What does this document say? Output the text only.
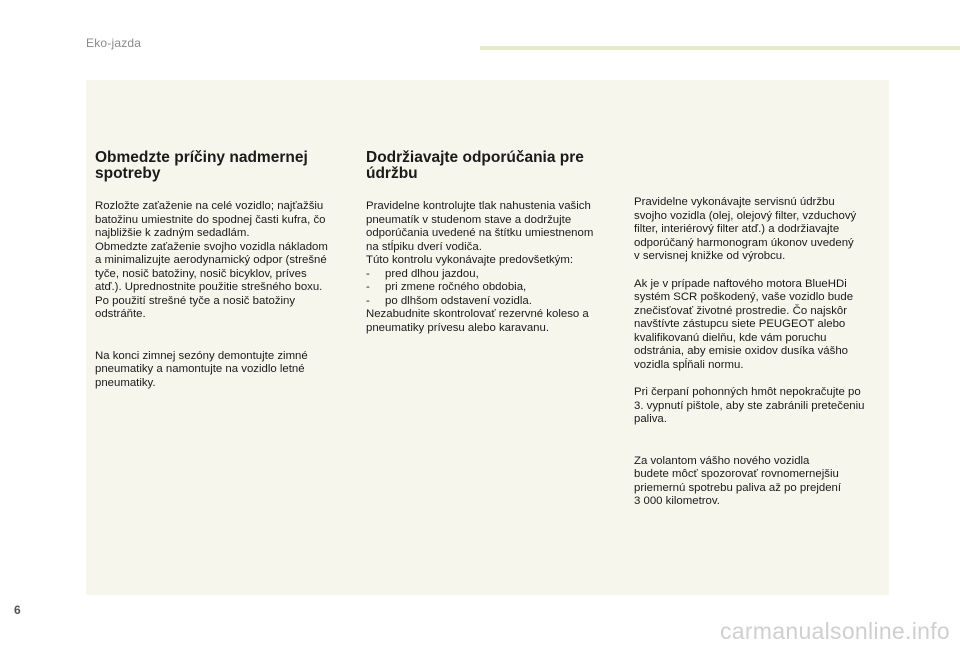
Eko-jazda
Obmedzte príčiny nadmernej spotreby

Rozložte zaťaženie na celé vozidlo; najťažšiu
batožinu umiestnite do spodnej časti kufra, čo
najbližšie k zadným sedadlám.
Obmedzte zaťaženie svojho vozidla nákladom
a minimalizujte aerodynamický odpor (strešné
tyče, nosič batožiny, nosič bicyklov, príves
atď.). Uprednostnite použitie strešného boxu.
Po použití strešné tyče a nosič batožiny
odstráňte.

Na konci zimnej sezóny demontujte zimné
pneumatiky a namontujte na vozidlo letné
pneumatiky.

Dodržiavajte odporúčania pre údržbu

Pravidelne kontrolujte tlak nahustenia vašich
pneumatík v studenom stave a dodržujte
odporúčania uvedené na štítku umiestnenom
na stĺpiku dverí vodiča.
Túto kontrolu vykonávajte predovšetkým:

- pred dlhou jazdou,
- pri zmene ročného obdobia,
- po dlhšom odstavení vozidla.

Nezabudnite skontrolovať rezervné koleso a
pneumatiky prívesu alebo karavanu.

Pravidelne vykonávajte servisnú údržbu
svojho vozidla (olej, olejový filter, vzduchový
filter, interiérový filter atď.) a dodržiavajte
odporúčaný harmonogram úkonov uvedený
v servisnej knižke od výrobcu.

Ak je v prípade naftového motora BlueHDi
systém SCR poškodený, vaše vozidlo bude
znečisťovať životné prostredie. Čo najskôr
navštívte zástupcu siete PEUGEOT alebo
kvalifikovanú dielňu, kde vám poruchu
odstránia, aby emisie oxidov dusíka vášho
vozidla spĺňali normu.

Pri čerpaní pohonných hmôt nepokračujte po
3. vypnutí pištole, aby ste zabránili pretečeniu
paliva.

Za volantom vášho nového vozidla
budete môcť spozorovať rovnomernejšiu
priemernú spotrebu paliva až po prejdení
3 000 kilometrov.

6
carmanualsonline.info
